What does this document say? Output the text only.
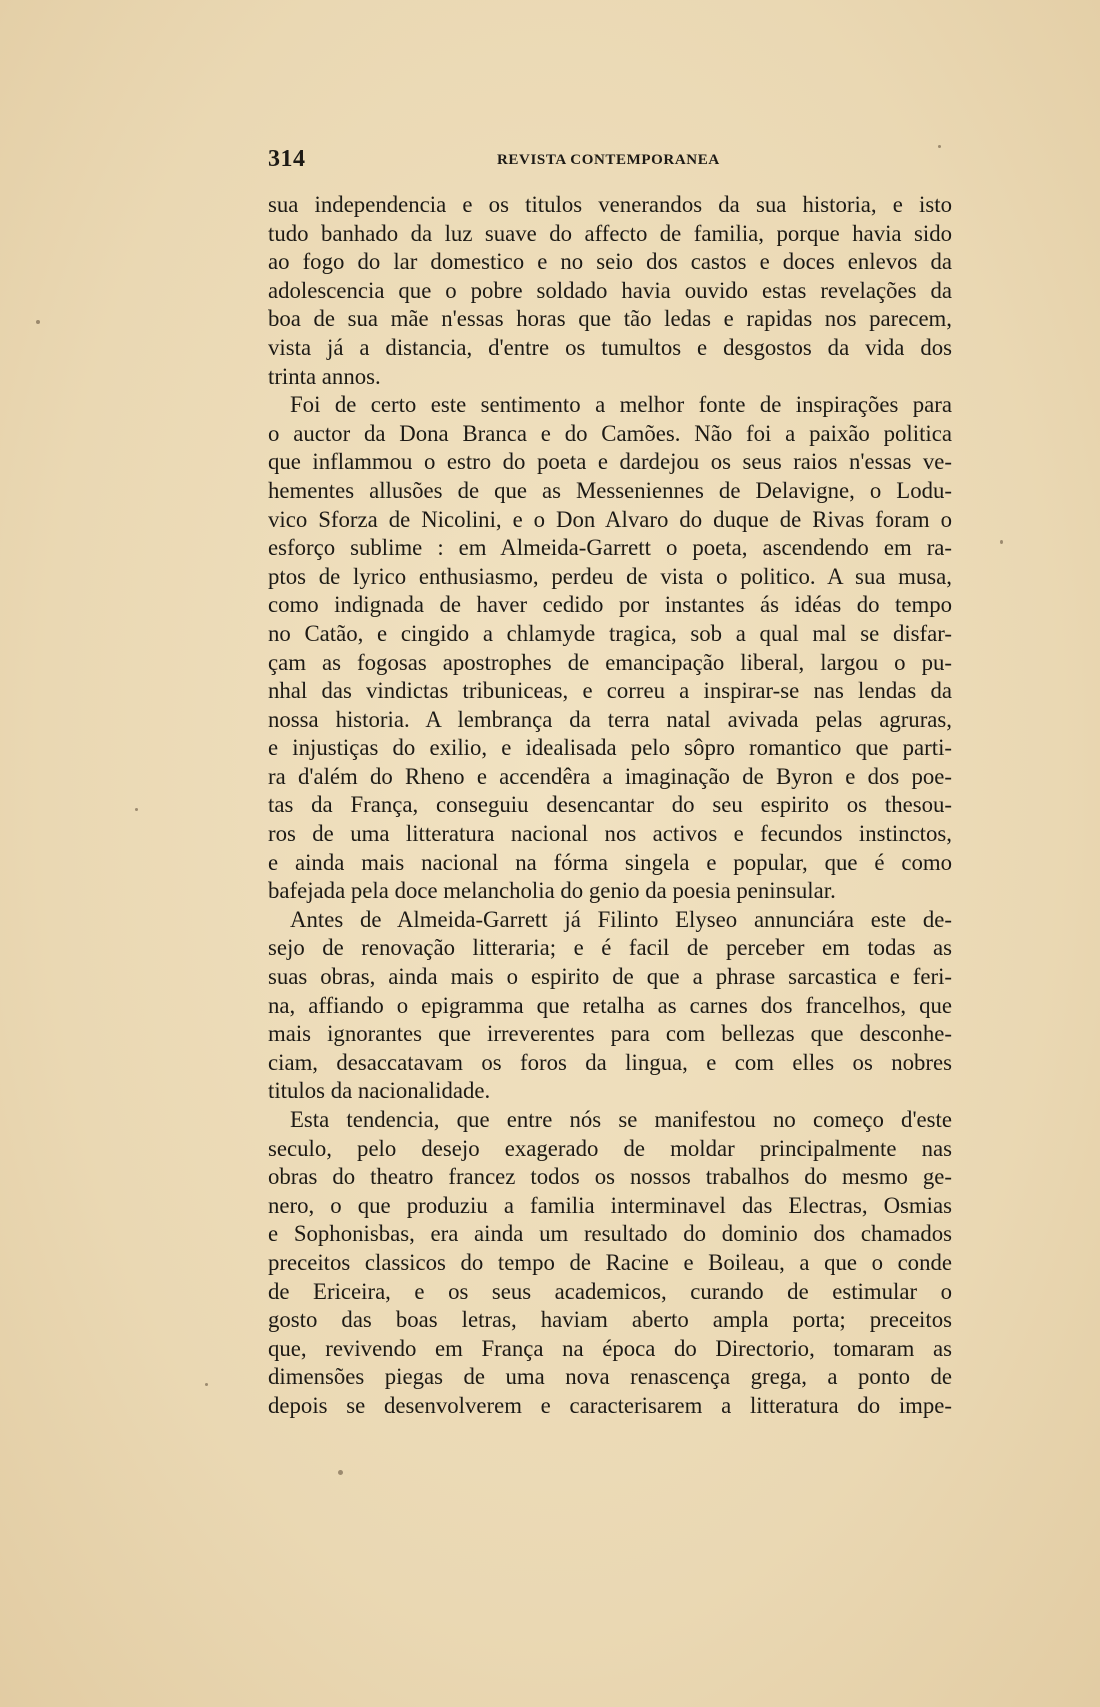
314	REVISTA CONTEMPORANEA
sua independencia e os titulos venerandos da sua historia, e isto
tudo banhado da luz suave do affecto de familia, porque havia sido
ao fogo do lar domestico e no seio dos castos e doces enlevos da
adolescencia que o pobre soldado havia ouvido estas revelações da
boa de sua mãe n'essas horas que tão ledas e rapidas nos parecem,
vista já a distancia, d'entre os tumultos e desgostos da vida dos
trinta annos.
Foi de certo este sentimento a melhor fonte de inspirações para
o auctor da Dona Branca e do Camões. Não foi a paixão politica
que inflammou o estro do poeta e dardejou os seus raios n'essas ve-
hementes allusões de que as Messeniennes de Delavigne, o Lodu-
vico Sforza de Nicolini, e o Don Alvaro do duque de Rivas foram o
esforço sublime : em Almeida-Garrett o poeta, ascendendo em ra-
ptos de lyrico enthusiasmo, perdeu de vista o politico. A sua musa,
como indignada de haver cedido por instantes ás idéas do tempo
no Catão, e cingido a chlamyde tragica, sob a qual mal se disfar-
çam as fogosas apostrophes de emancipação liberal, largou o pu-
nhal das vindictas tribuniceas, e correu a inspirar-se nas lendas da
nossa historia. A lembrança da terra natal avivada pelas agruras,
e injustiças do exilio, e idealisada pelo sôpro romantico que parti-
ra d'além do Rheno e accendêra a imaginação de Byron e dos poe-
tas da França, conseguiu desencantar do seu espirito os thesou-
ros de uma litteratura nacional nos activos e fecundos instinctos,
e ainda mais nacional na fórma singela e popular, que é como
bafejada pela doce melancholia do genio da poesia peninsular.
Antes de Almeida-Garrett já Filinto Elyseo annunciára este de-
sejo de renovação litteraria; e é facil de perceber em todas as
suas obras, ainda mais o espirito de que a phrase sarcastica e feri-
na, affiando o epigramma que retalha as carnes dos francelhos, que
mais ignorantes que irreverentes para com bellezas que desconhe-
ciam, desaccatavam os foros da lingua, e com elles os nobres
titulos da nacionalidade.
Esta tendencia, que entre nós se manifestou no começo d'este
seculo, pelo desejo exagerado de moldar principalmente nas
obras do theatro francez todos os nossos trabalhos do mesmo ge-
nero, o que produziu a familia interminavel das Electras, Osmias
e Sophonisbas, era ainda um resultado do dominio dos chamados
preceitos classicos do tempo de Racine e Boileau, a que o conde
de Ericeira, e os seus academicos, curando de estimular o
gosto das boas letras, haviam aberto ampla porta; preceitos
que, revivendo em França na época do Directorio, tomaram as
dimensões piegas de uma nova renascença grega, a ponto de
depois se desenvolverem e caracterisarem a litteratura do impe-
